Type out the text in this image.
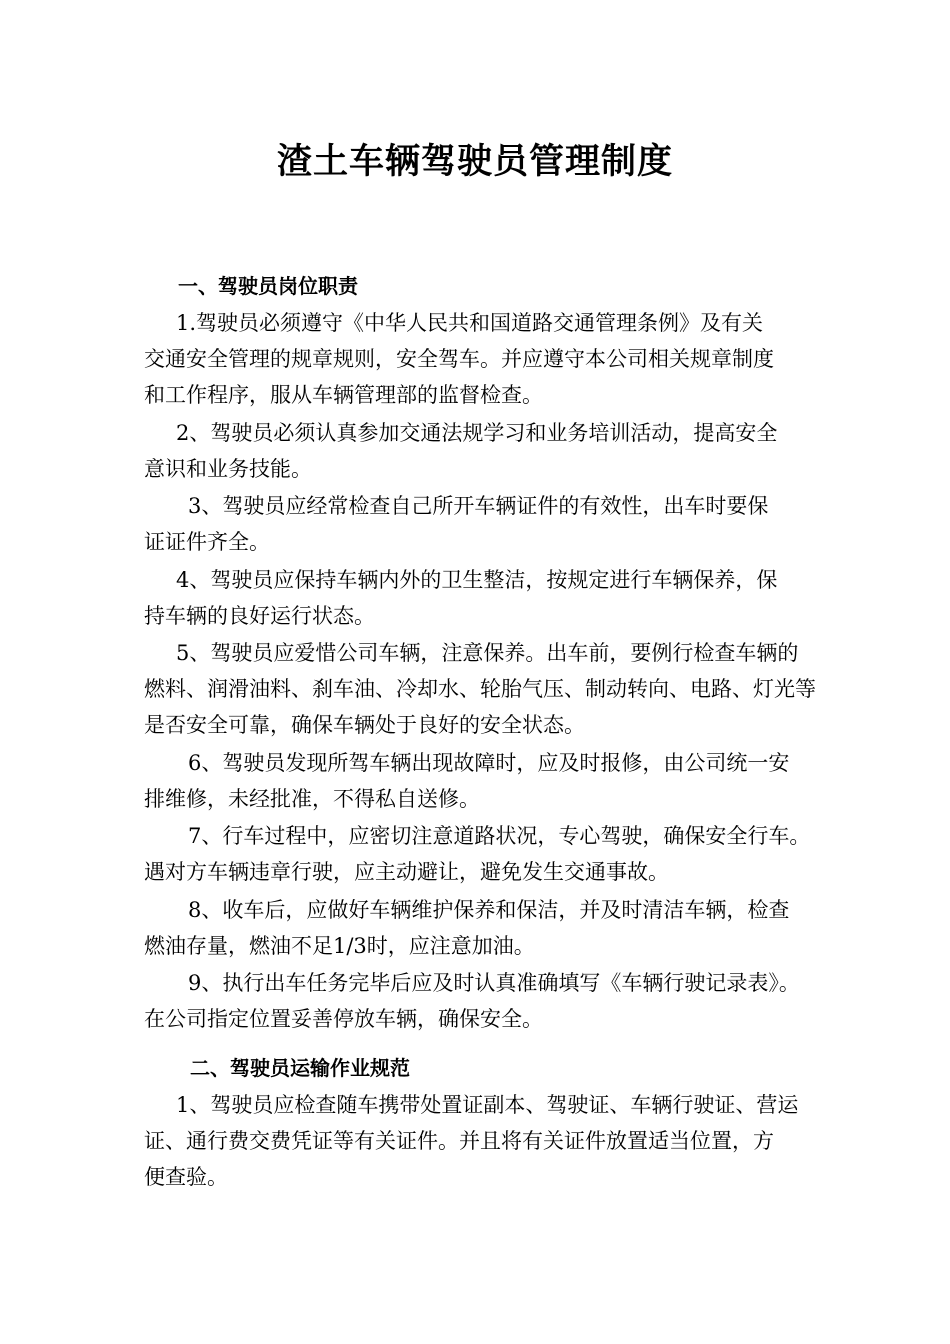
渣土车辆驾驶员管理制度
一、驾驶员岗位职责
1.驾驶员必须遵守《中华人民共和国道路交通管理条例》及有关
交通安全管理的规章规则，安全驾车。并应遵守本公司相关规章制度
和工作程序，服从车辆管理部的监督检查。
2、驾驶员必须认真参加交通法规学习和业务培训活动，提高安全
意识和业务技能。
3、驾驶员应经常检查自己所开车辆证件的有效性，出车时要保
证证件齐全。
4、驾驶员应保持车辆内外的卫生整洁，按规定进行车辆保养，保
持车辆的良好运行状态。
5、驾驶员应爱惜公司车辆，注意保养。出车前，要例行检查车辆的
燃料、润滑油料、刹车油、冷却水、轮胎气压、制动转向、电路、灯光等
是否安全可靠，确保车辆处于良好的安全状态。
6、驾驶员发现所驾车辆出现故障时，应及时报修，由公司统一安
排维修，未经批准，不得私自送修。
7、行车过程中，应密切注意道路状况，专心驾驶，确保安全行车。
遇对方车辆违章行驶，应主动避让，避免发生交通事故。
8、收车后，应做好车辆维护保养和保洁，并及时清洁车辆，检查
燃油存量，燃油不足1/3时，应注意加油。
9、执行出车任务完毕后应及时认真准确填写《车辆行驶记录表》。
在公司指定位置妥善停放车辆，确保安全。
二、驾驶员运输作业规范
1、驾驶员应检查随车携带处置证副本、驾驶证、车辆行驶证、营运
证、通行费交费凭证等有关证件。并且将有关证件放置适当位置，方
便查验。
